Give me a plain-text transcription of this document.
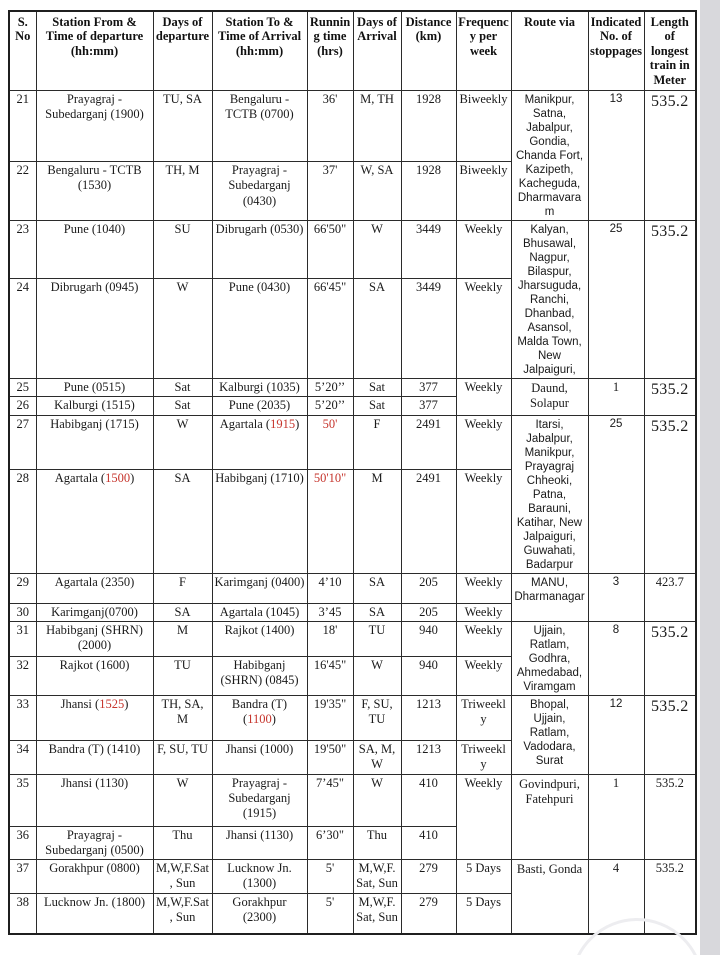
S. No	Station From & Time of departure (hh:mm)	Days of departure	Station To & Time of Arrival (hh:mm)	Running time (hrs)	Days of Arrival	Distance (km)	Frequency per week	Route via	Indicated No. of stoppages	Length of longest train in Meter
21	Prayagraj - Subedarganj (1900)	TU, SA	Bengaluru - TCTB (0700)	36'	M, TH	1928	Biweekly	Manikpur, Satna, Jabalpur, Gondia, Chanda Fort, Kazipeth, Kacheguda, Dharmavaram	13	535.2
22	Bengaluru - TCTB (1530)	TH, M	Prayagraj - Subedarganj (0430)	37'	W, SA	1928	Biweekly			
23	Pune (1040)	SU	Dibrugarh (0530)	66'50"	W	3449	Weekly	Kalyan, Bhusawal, Nagpur, Bilaspur, Jharsuguda, Ranchi, Dhanbad, Asansol, Malda Town, New Jalpaiguri,	25	535.2
24	Dibrugarh (0945)	W	Pune (0430)	66'45"	SA	3449	Weekly			
25	Pune (0515)	Sat	Kalburgi (1035)	5’20’’	Sat	377	Weekly	Daund, Solapur	1	535.2
26	Kalburgi (1515)	Sat	Pune (2035)	5’20’’	Sat	377				
27	Habibganj (1715)	W	Agartala (1915)	50'	F	2491	Weekly	Itarsi, Jabalpur, Manikpur, Prayagraj Chheoki, Patna, Barauni, Katihar, New Jalpaiguri, Guwahati, Badarpur	25	535.2
28	Agartala (1500)	SA	Habibganj (1710)	50'10"	M	2491	Weekly			
29	Agartala (2350)	F	Karimganj (0400)	4’10	SA	205	Weekly	MANU, Dharmanagar	3	423.7
30	Karimganj(0700)	SA	Agartala (1045)	3’45	SA	205	Weekly			
31	Habibganj (SHRN) (2000)	M	Rajkot (1400)	18'	TU	940	Weekly	Ujjain, Ratlam, Godhra, Ahmedabad, Viramgam	8	535.2
32	Rajkot (1600)	TU	Habibganj (SHRN) (0845)	16'45"	W	940	Weekly			
33	Jhansi (1525)	TH, SA, M	Bandra (T) (1100)	19'35"	F, SU, TU	1213	Triweekly	Bhopal, Ujjain, Ratlam, Vadodara, Surat	12	535.2
34	Bandra (T) (1410)	F, SU, TU	Jhansi (1000)	19'50"	SA, M, W	1213	Triweekly			
35	Jhansi (1130)	W	Prayagraj - Subedarganj (1915)	7’45"	W	410	Weekly	Govindpuri, Fatehpuri	1	535.2
36	Prayagraj - Subedarganj (0500)	Thu	Jhansi (1130)	6’30"	Thu	410				
37	Gorakhpur (0800)	M,W,F.Sat, Sun	Lucknow Jn. (1300)	5'	M,W,F.Sat, Sun	279	5 Days	Basti, Gonda	4	535.2
38	Lucknow Jn. (1800)	M,W,F.Sat, Sun	Gorakhpur (2300)	5'	M,W,F.Sat, Sun	279	5 Days			
